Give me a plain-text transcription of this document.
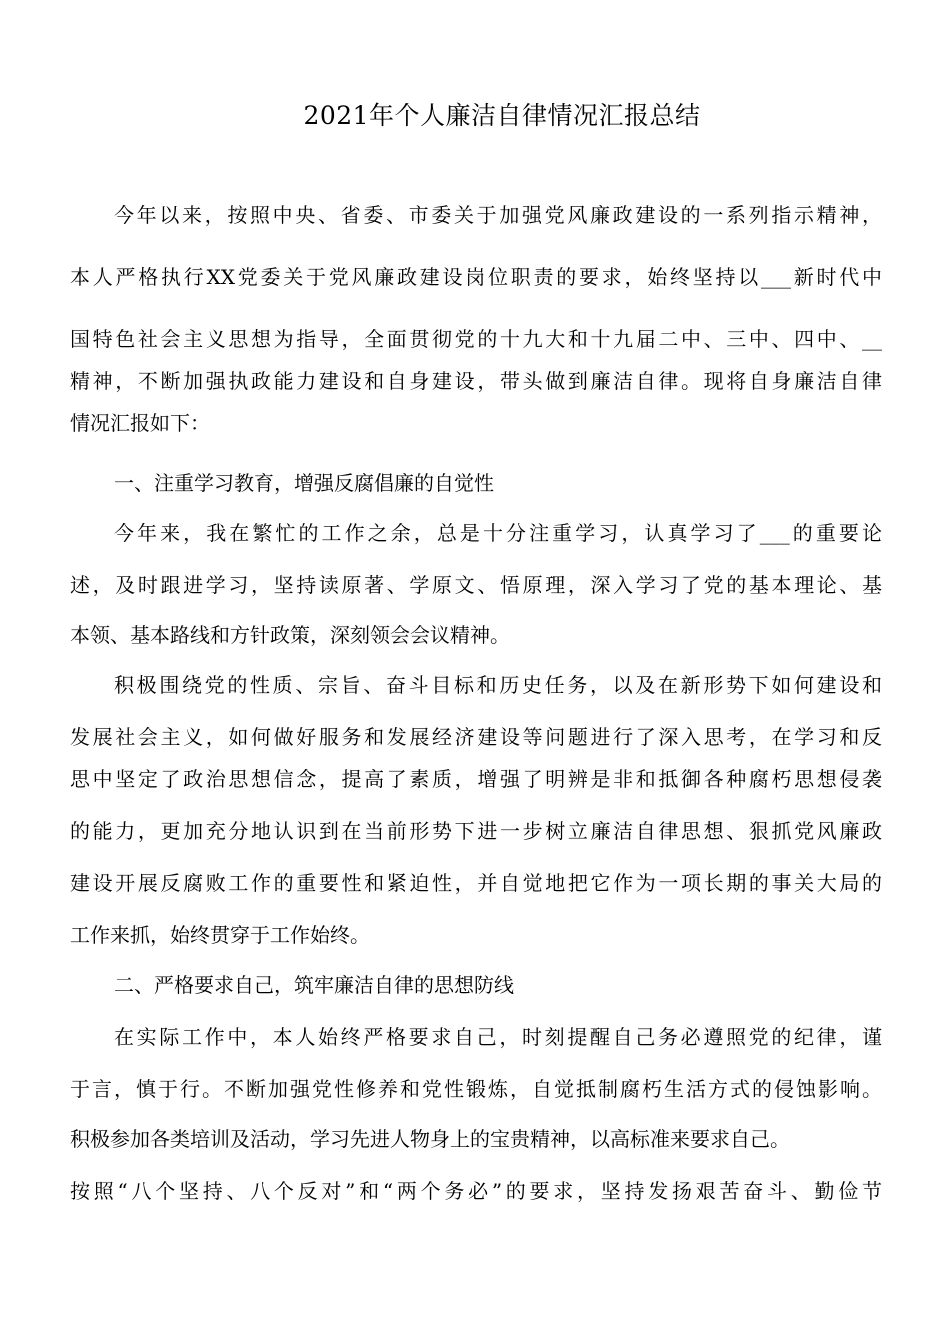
2021年个人廉洁自律情况汇报总结
今年以来，按照中央、省委、市委关于加强党风廉政建设的一系列指示精神，
本人严格执行XX党委关于党风廉政建设岗位职责的要求，始终坚持以___新时代中
国特色社会主义思想为指导，全面贯彻党的十九大和十九届二中、三中、四中、__
精神，不断加强执政能力建设和自身建设，带头做到廉洁自律。现将自身廉洁自律
情况汇报如下：
一、注重学习教育，增强反腐倡廉的自觉性
今年来，我在繁忙的工作之余，总是十分注重学习，认真学习了___的重要论
述，及时跟进学习，坚持读原著、学原文、悟原理，深入学习了党的基本理论、基
本领、基本路线和方针政策，深刻领会会议精神。
积极围绕党的性质、宗旨、奋斗目标和历史任务，以及在新形势下如何建设和
发展社会主义，如何做好服务和发展经济建设等问题进行了深入思考，在学习和反
思中坚定了政治思想信念，提高了素质，增强了明辨是非和抵御各种腐朽思想侵袭
的能力，更加充分地认识到在当前形势下进一步树立廉洁自律思想、狠抓党风廉政
建设开展反腐败工作的重要性和紧迫性，并自觉地把它作为一项长期的事关大局的
工作来抓，始终贯穿于工作始终。
二、严格要求自己，筑牢廉洁自律的思想防线
在实际工作中，本人始终严格要求自己，时刻提醒自己务必遵照党的纪律，谨
于言，慎于行。不断加强党性修养和党性锻炼，自觉抵制腐朽生活方式的侵蚀影响。
积极参加各类培训及活动，学习先进人物身上的宝贵精神，以高标准来要求自己。
按照“八个坚持、八个反对”和“两个务必”的要求，坚持发扬艰苦奋斗、勤俭节
